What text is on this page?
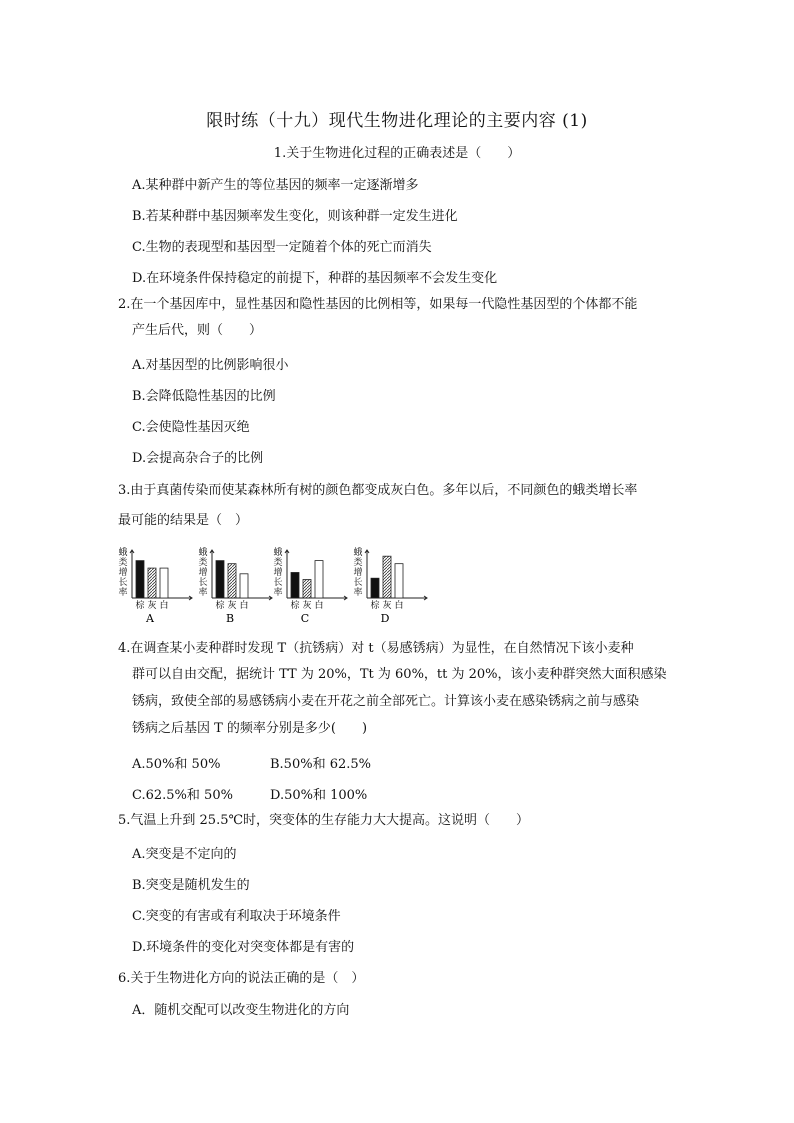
限时练（十九）现代生物进化理论的主要内容 (1)
1.关于生物进化过程的正确表述是（　　）
A.某种群中新产生的等位基因的频率一定逐渐增多
B.若某种群中基因频率发生变化，则该种群一定发生进化
C.生物的表现型和基因型一定随着个体的死亡而消失
D.在环境条件保持稳定的前提下，种群的基因频率不会发生变化
2.在一个基因库中，显性基因和隐性基因的比例相等，如果每一代隐性基因型的个体都不能
产生后代，则（　　）
A.对基因型的比例影响很小
B.会降低隐性基因的比例
C.会使隐性基因灭绝
D.会提高杂合子的比例
3.由于真菌传染而使某森林所有树的颜色都变成灰白色。多年以后，不同颜色的蛾类增长率
最可能的结果是（　）
蛾类增长率
棕 灰 白
A
蛾类增长率
棕 灰 白
B
蛾类增长率
棕 灰 白
C
蛾类增长率
棕 灰 白
D
4.在调查某小麦种群时发现 T（抗锈病）对 t（易感锈病）为显性，在自然情况下该小麦种
群可以自由交配，据统计 TT 为 20%，Tt 为 60%，tt 为 20%，该小麦种群突然大面积感染
锈病，致使全部的易感锈病小麦在开花之前全部死亡。计算该小麦在感染锈病之前与感染
锈病之后基因 T 的频率分别是多少(　　)
A.50%和 50%	B.50%和 62.5%
C.62.5%和 50%	D.50%和 100%
5.气温上升到 25.5℃时，突变体的生存能力大大提高。这说明（　　）
A.突变是不定向的
B.突变是随机发生的
C.突变的有害或有利取决于环境条件
D.环境条件的变化对突变体都是有害的
6.关于生物进化方向的说法正确的是（　）
A．随机交配可以改变生物进化的方向
